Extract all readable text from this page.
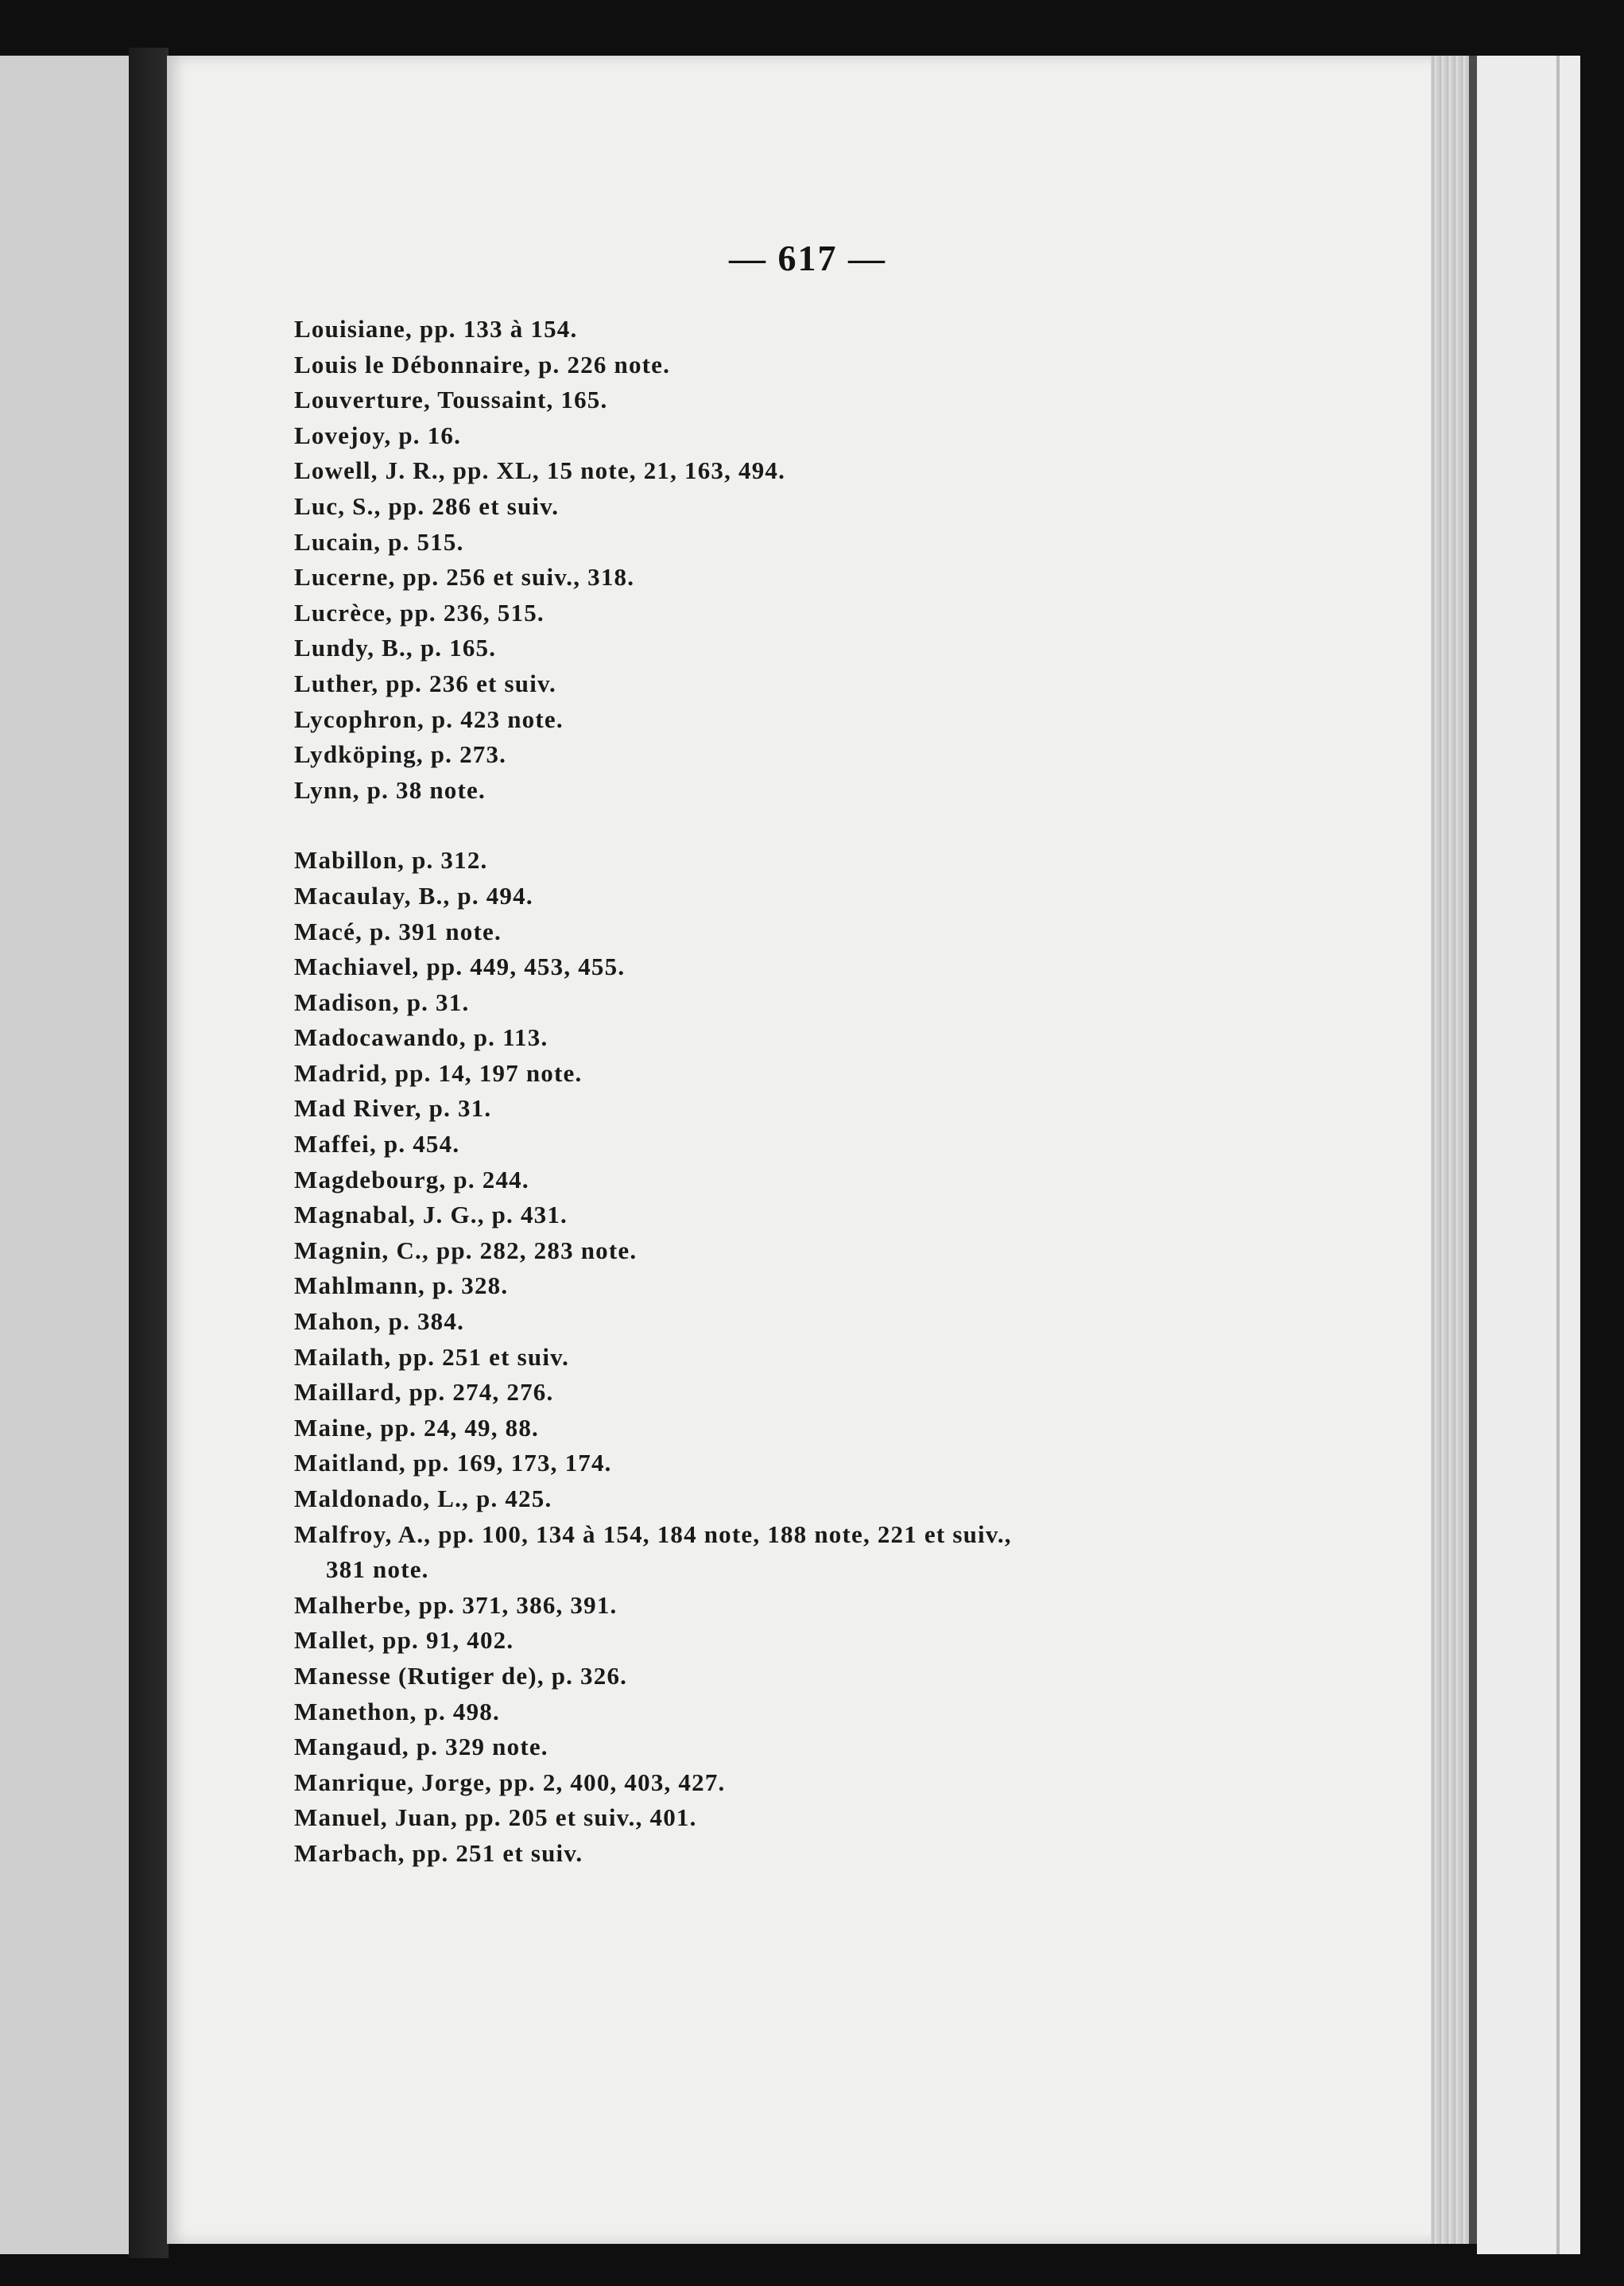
— 617 —
Louisiane, pp. 133 à 154.
Louis le Débonnaire, p. 226 note.
Louverture, Toussaint, 165.
Lovejoy, p. 16.
Lowell, J. R., pp. XL, 15 note, 21, 163, 494.
Luc, S., pp. 286 et suiv.
Lucain, p. 515.
Lucerne, pp. 256 et suiv., 318.
Lucrèce, pp. 236, 515.
Lundy, B., p. 165.
Luther, pp. 236 et suiv.
Lycophron, p. 423 note.
Lydköping, p. 273.
Lynn, p. 38 note.
Mabillon, p. 312.
Macaulay, B., p. 494.
Macé, p. 391 note.
Machiavel, pp. 449, 453, 455.
Madison, p. 31.
Madocawando, p. 113.
Madrid, pp. 14, 197 note.
Mad River, p. 31.
Maffei, p. 454.
Magdebourg, p. 244.
Magnabal, J. G., p. 431.
Magnin, C., pp. 282, 283 note.
Mahlmann, p. 328.
Mahon, p. 384.
Mailath, pp. 251 et suiv.
Maillard, pp. 274, 276.
Maine, pp. 24, 49, 88.
Maitland, pp. 169, 173, 174.
Maldonado, L., p. 425.
Malfroy, A., pp. 100, 134 à 154, 184 note, 188 note, 221 et suiv.,
381 note.
Malherbe, pp. 371, 386, 391.
Mallet, pp. 91, 402.
Manesse (Rutiger de), p. 326.
Manethon, p. 498.
Mangaud, p. 329 note.
Manrique, Jorge, pp. 2, 400, 403, 427.
Manuel, Juan, pp. 205 et suiv., 401.
Marbach, pp. 251 et suiv.
